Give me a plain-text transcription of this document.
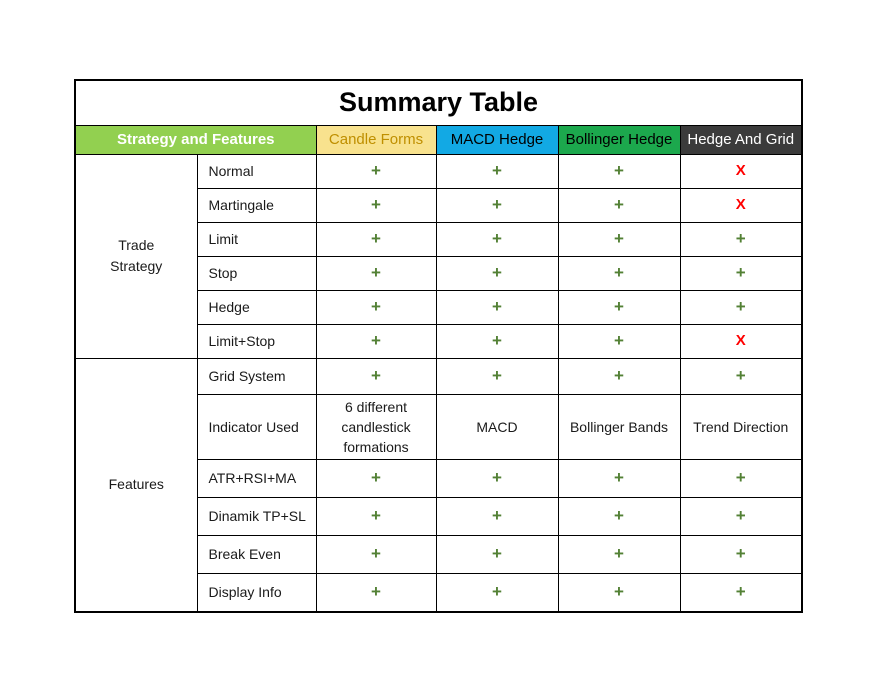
Summary Table					
Strategy and Features		Candle Forms	MACD Hedge	Bollinger Hedge	Hedge And Grid
Trade Strategy	Normal	+	+	+	X
	Martingale	+	+	+	X
	Limit	+	+	+	+
	Stop	+	+	+	+
	Hedge	+	+	+	+
	Limit+Stop	+	+	+	X
Features	Grid System	+	+	+	+
	Indicator Used	6 different candlestick formations	MACD	Bollinger Bands	Trend Direction
	ATR+RSI+MA	+	+	+	+
	Dinamik TP+SL	+	+	+	+
	Break Even	+	+	+	+
	Display Info	+	+	+	+
